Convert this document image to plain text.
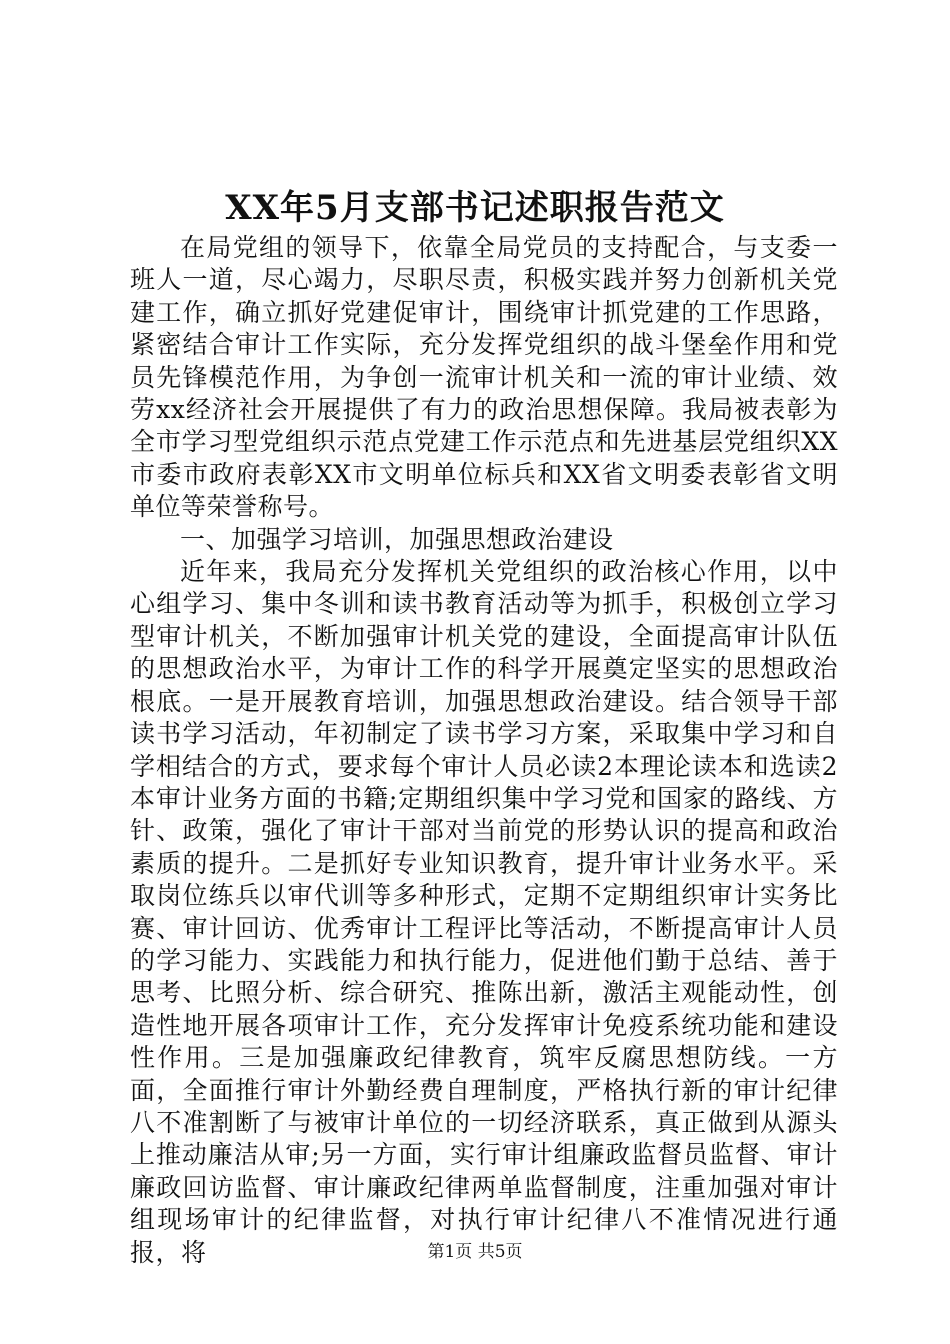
XX年5月支部书记述职报告范文

在局党组的领导下，依靠全局党员的支持配合，与支委一班人一道，尽心竭力，尽职尽责，积极实践并努力创新机关党建工作，确立抓好党建促审计，围绕审计抓党建的工作思路，紧密结合审计工作实际，充分发挥党组织的战斗堡垒作用和党员先锋模范作用，为争创一流审计机关和一流的审计业绩、效劳xx经济社会开展提供了有力的政治思想保障。我局被表彰为全市学习型党组织示范点党建工作示范点和先进基层党组织XX市委市政府表彰XX市文明单位标兵和XX省文明委表彰省文明单位等荣誉称号。

一、加强学习培训，加强思想政治建设

近年来，我局充分发挥机关党组织的政治核心作用，以中心组学习、集中冬训和读书教育活动等为抓手，积极创立学习型审计机关，不断加强审计机关党的建设，全面提高审计队伍的思想政治水平，为审计工作的科学开展奠定坚实的思想政治根底。一是开展教育培训，加强思想政治建设。结合领导干部读书学习活动，年初制定了读书学习方案，采取集中学习和自学相结合的方式，要求每个审计人员必读2本理论读本和选读2本审计业务方面的书籍;定期组织集中学习党和国家的路线、方针、政策，强化了审计干部对当前党的形势认识的提高和政治素质的提升。二是抓好专业知识教育，提升审计业务水平。采取岗位练兵以审代训等多种形式，定期不定期组织审计实务比赛、审计回访、优秀审计工程评比等活动，不断提高审计人员的学习能力、实践能力和执行能力，促进他们勤于总结、善于思考、比照分析、综合研究、推陈出新，激活主观能动性，创造性地开展各项审计工作，充分发挥审计免疫系统功能和建设性作用。三是加强廉政纪律教育，筑牢反腐思想防线。一方面，全面推行审计外勤经费自理制度，严格执行新的审计纪律八不准割断了与被审计单位的一切经济联系，真正做到从源头上推动廉洁从审;另一方面，实行审计组廉政监督员监督、审计廉政回访监督、审计廉政纪律两单监督制度，注重加强对审计组现场审计的纪律监督，对执行审计纪律八不准情况进行通报，将	第1页 共5页
